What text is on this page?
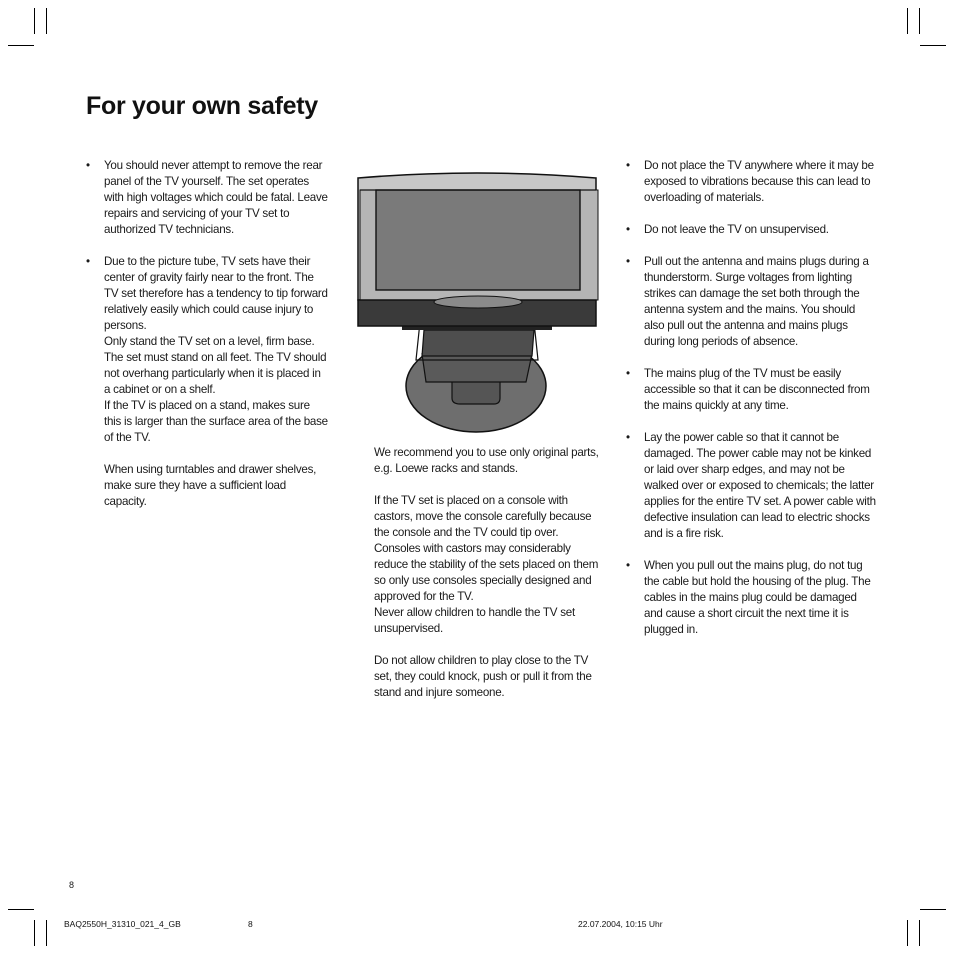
For your own safety

• You should never attempt to remove the rear panel of the TV yourself. The set operates with high voltages which could be fatal. Leave repairs and servicing of your TV set to authorized TV technicians.

• Due to the picture tube, TV sets have their center of gravity fairly near to the front. The TV set therefore has a tendency to tip forward relatively easily which could cause injury to persons.

Only stand the TV set on a level, firm base. The set must stand on all feet. The TV should not overhang particularly when it is placed in a cabinet or on a shelf.

If the TV is placed on a stand, makes sure this is larger than the surface area of the base of the TV.

When using turntables and drawer shelves, make sure they have a sufficient load capacity.

We recommend you to use only original parts, e.g. Loewe racks and stands.

If the TV set is placed on a console with castors, move the console carefully because the console and the TV could tip over. Consoles with castors may considerably reduce the stability of the sets placed on them so only use consoles specially designed and approved for the TV.

Never allow children to handle the TV set unsupervised.

Do not allow children to play close to the TV set, they could knock, push or pull it from the stand and injure someone.

• Do not place the TV anywhere where it may be exposed to vibrations because this can lead to overloading of materials.

• Do not leave the TV on unsupervised.

• Pull out the antenna and mains plugs during a thunderstorm. Surge voltages from lighting strikes can damage the set both through the antenna system and the mains. You should also pull out the antenna and mains plugs during long periods of absence.

• The mains plug of the TV must be easily accessible so that it can be disconnected from the mains quickly at any time.

• Lay the power cable so that it cannot be damaged. The power cable may not be kinked or laid over sharp edges, and may not be walked over or exposed to chemicals; the latter applies for the entire TV set. A power cable with defective insulation can lead to electric shocks and is a fire risk.

• When you pull out the mains plug, do not tug the cable but hold the housing of the plug. The cables in the mains plug could be damaged and cause a short circuit the next time it is plugged in.

8
BAQ2550H_31310_021_4_GB	8	22.07.2004, 10:15 Uhr
